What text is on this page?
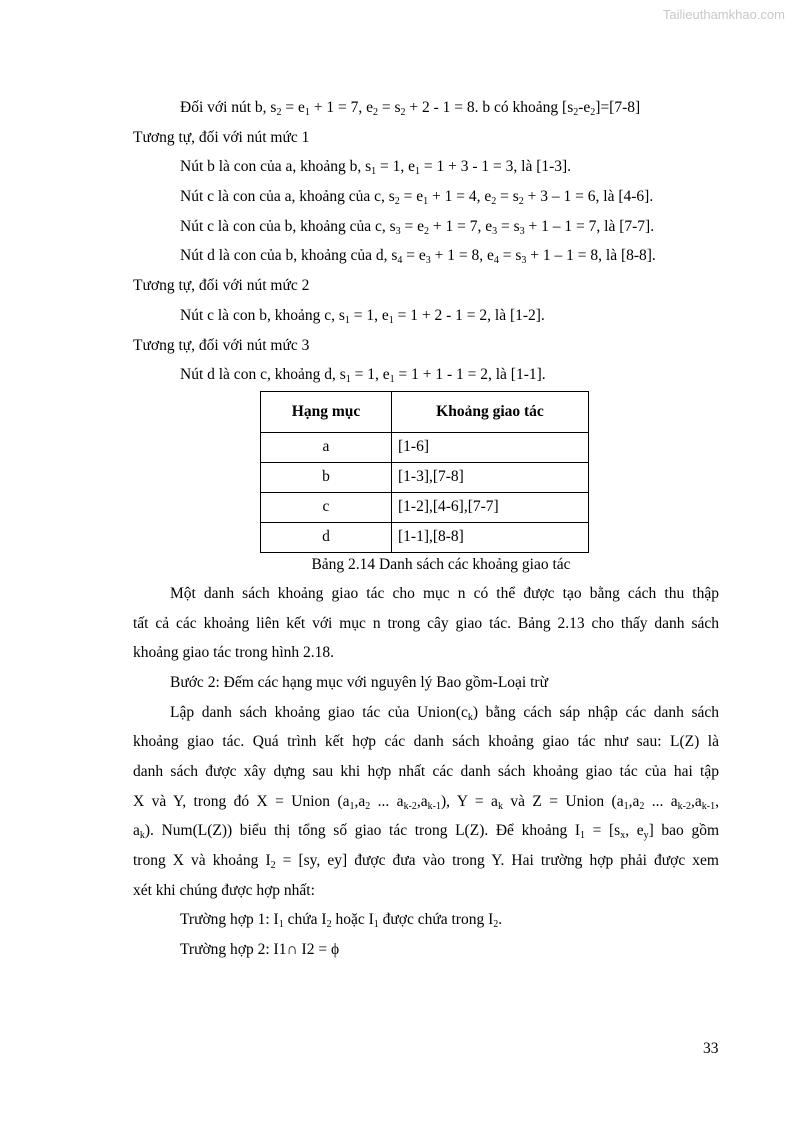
Tailieuthamkhao.com
Đối với nút b, $s_2 = e_1 + 1 = 7$, $e_2 = s_2 + 2 - 1 = 8$. b có khoảng $[s_2-e_2]=[7-8]$
Tương tự, đối với nút mức 1
Nút b là con của a, khoảng b, $s_1 = 1$, $e_1 = 1 + 3 - 1 = 3$, là [1-3].
Nút c là con của a, khoảng của c, $s_2 = e_1 + 1 = 4$, $e_2 = s_2 + 3 - 1 = 6$, là [4-6].
Nút c là con của b, khoảng của c, $s_3 = e_2 + 1 = 7$, $e_3 = s_3 + 1 - 1 = 7$, là [7-7].
Nút d là con của b, khoảng của d, $s_4 = e_3 + 1 = 8$, $e_4 = s_3 + 1 - 1 = 8$, là [8-8].
Tương tự, đối với nút mức 2
Nút c là con b, khoảng c, $s_1 = 1$, $e_1 = 1 + 2 - 1 = 2$, là [1-2].
Tương tự, đối với nút mức 3
Nút d là con c, khoảng d, $s_1 = 1$, $e_1 = 1 + 1 - 1 = 2$, là [1-1].
Hạng mục	Khoảng giao tác
a	[1-6]
b	[1-3],[7-8]
c	[1-2],[4-6],[7-7]
d	[1-1],[8-8]
Bảng 2.14 Danh sách các khoảng giao tác
Một danh sách khoảng giao tác cho mục n có thể được tạo bằng cách thu thập
tất cả các khoảng liên kết với mục n trong cây giao tác. Bảng 2.13 cho thấy danh sách
khoảng giao tác trong hình 2.18.
Bước 2: Đếm các hạng mục với nguyên lý Bao gồm-Loại trừ
Lập danh sách khoảng giao tác của $Union(c_k)$ bằng cách sáp nhập các danh sách
khoảng giao tác. Quá trình kết hợp các danh sách khoảng giao tác như sau: L(Z) là
danh sách được xây dựng sau khi hợp nhất các danh sách khoảng giao tác của hai tập
X và Y, trong đó X = Union ($a_1,a_2$ ... $a_{k-2},a_{k-1}$), $Y = a_k$ và Z = Union ($a_1,a_2$ ... $a_{k-2},a_{k-1}$,
$a_k$). Num(L(Z)) biểu thị tổng số giao tác trong L(Z). Để khoảng $I_1 = [s_x$, $e_y$] bao gồm
trong X và khoảng $I_2 = [sy$, ey] được đưa vào trong Y. Hai trường hợp phải được xem
xét khi chúng được hợp nhất:
Trường hợp 1: $I_1$ chứa $I_2$ hoặc $I_1$ được chứa trong $I_2$.
Trường hợp 2: I1∩ I2 = ϕ
33
